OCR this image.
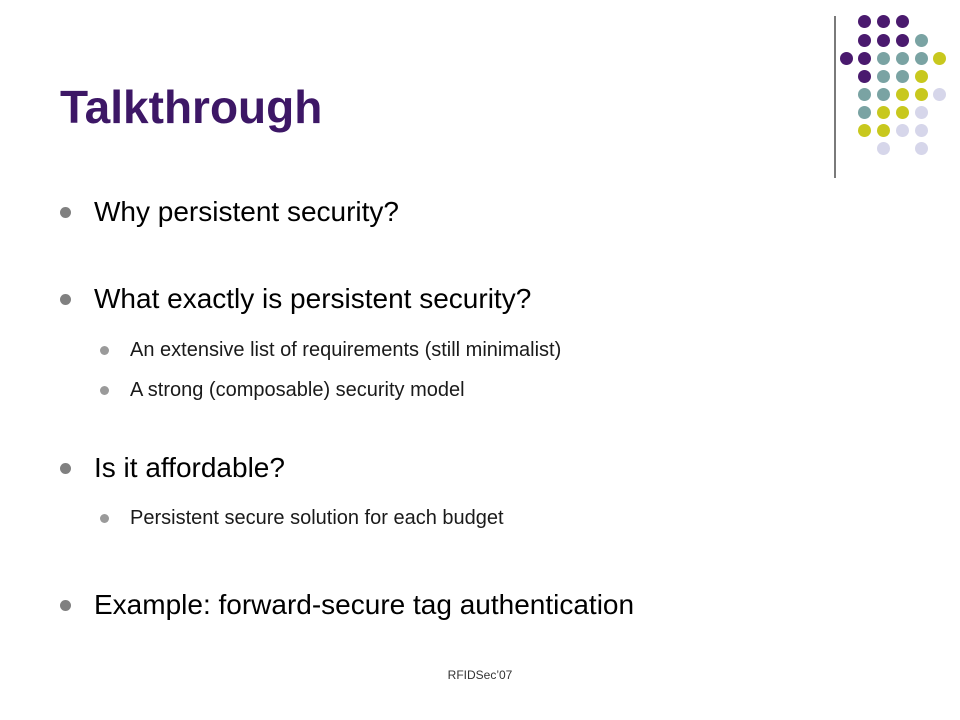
Talkthrough
Why persistent security?
What exactly is persistent security?
An extensive list of requirements (still minimalist)
A strong (composable) security model
Is it affordable?
Persistent secure solution for each budget
Example: forward-secure tag authentication
RFIDSec’07
